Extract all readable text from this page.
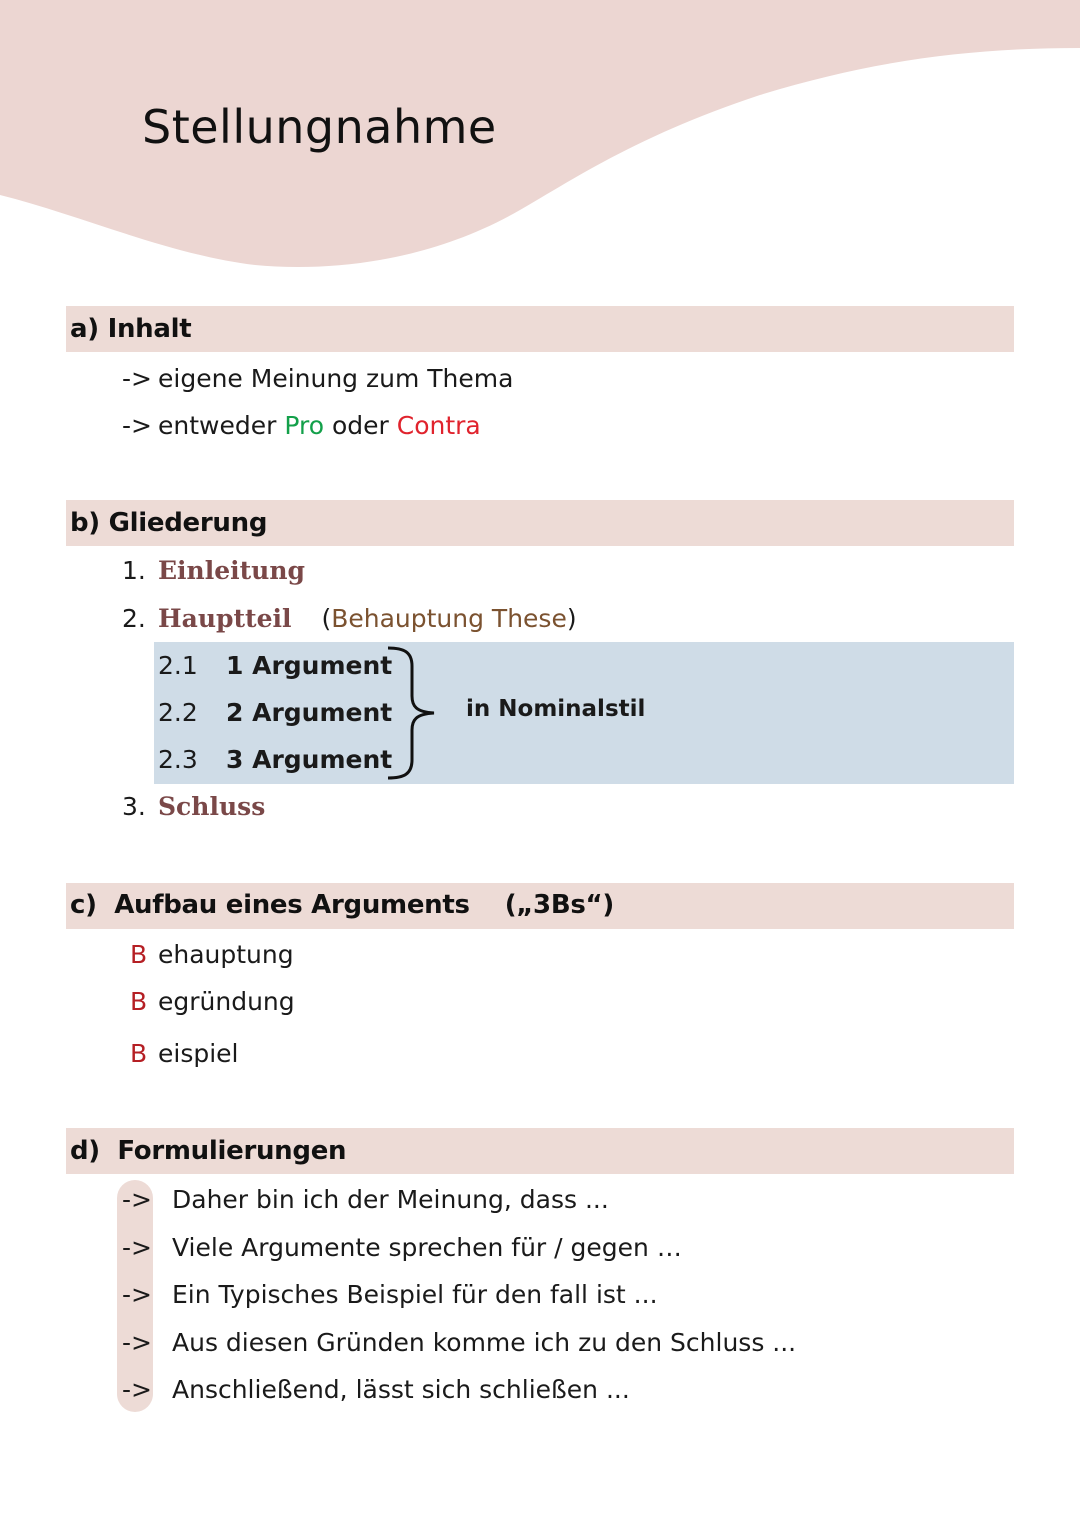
Stellungnahme
a) Inhalt
-> eigene Meinung zum Thema
-> entweder Pro oder Contra
b) Gliederung
1. Einleitung
2. Hauptteil (Behauptung These)
2.1 1 Argument
2.2 2 Argument
2.3 3 Argument
in Nominalstil
3. Schluss
c)  Aufbau eines Arguments    („3Bs“)
B ehauptung
B egründung
B eispiel
d)  Formulierungen
-> Daher bin ich der Meinung, dass ...
-> Viele Argumente sprechen für / gegen …
-> Ein Typisches Beispiel für den fall ist ...
-> Aus diesen Gründen komme ich zu den Schluss ...
-> Anschließend, lässt sich schließen ...
